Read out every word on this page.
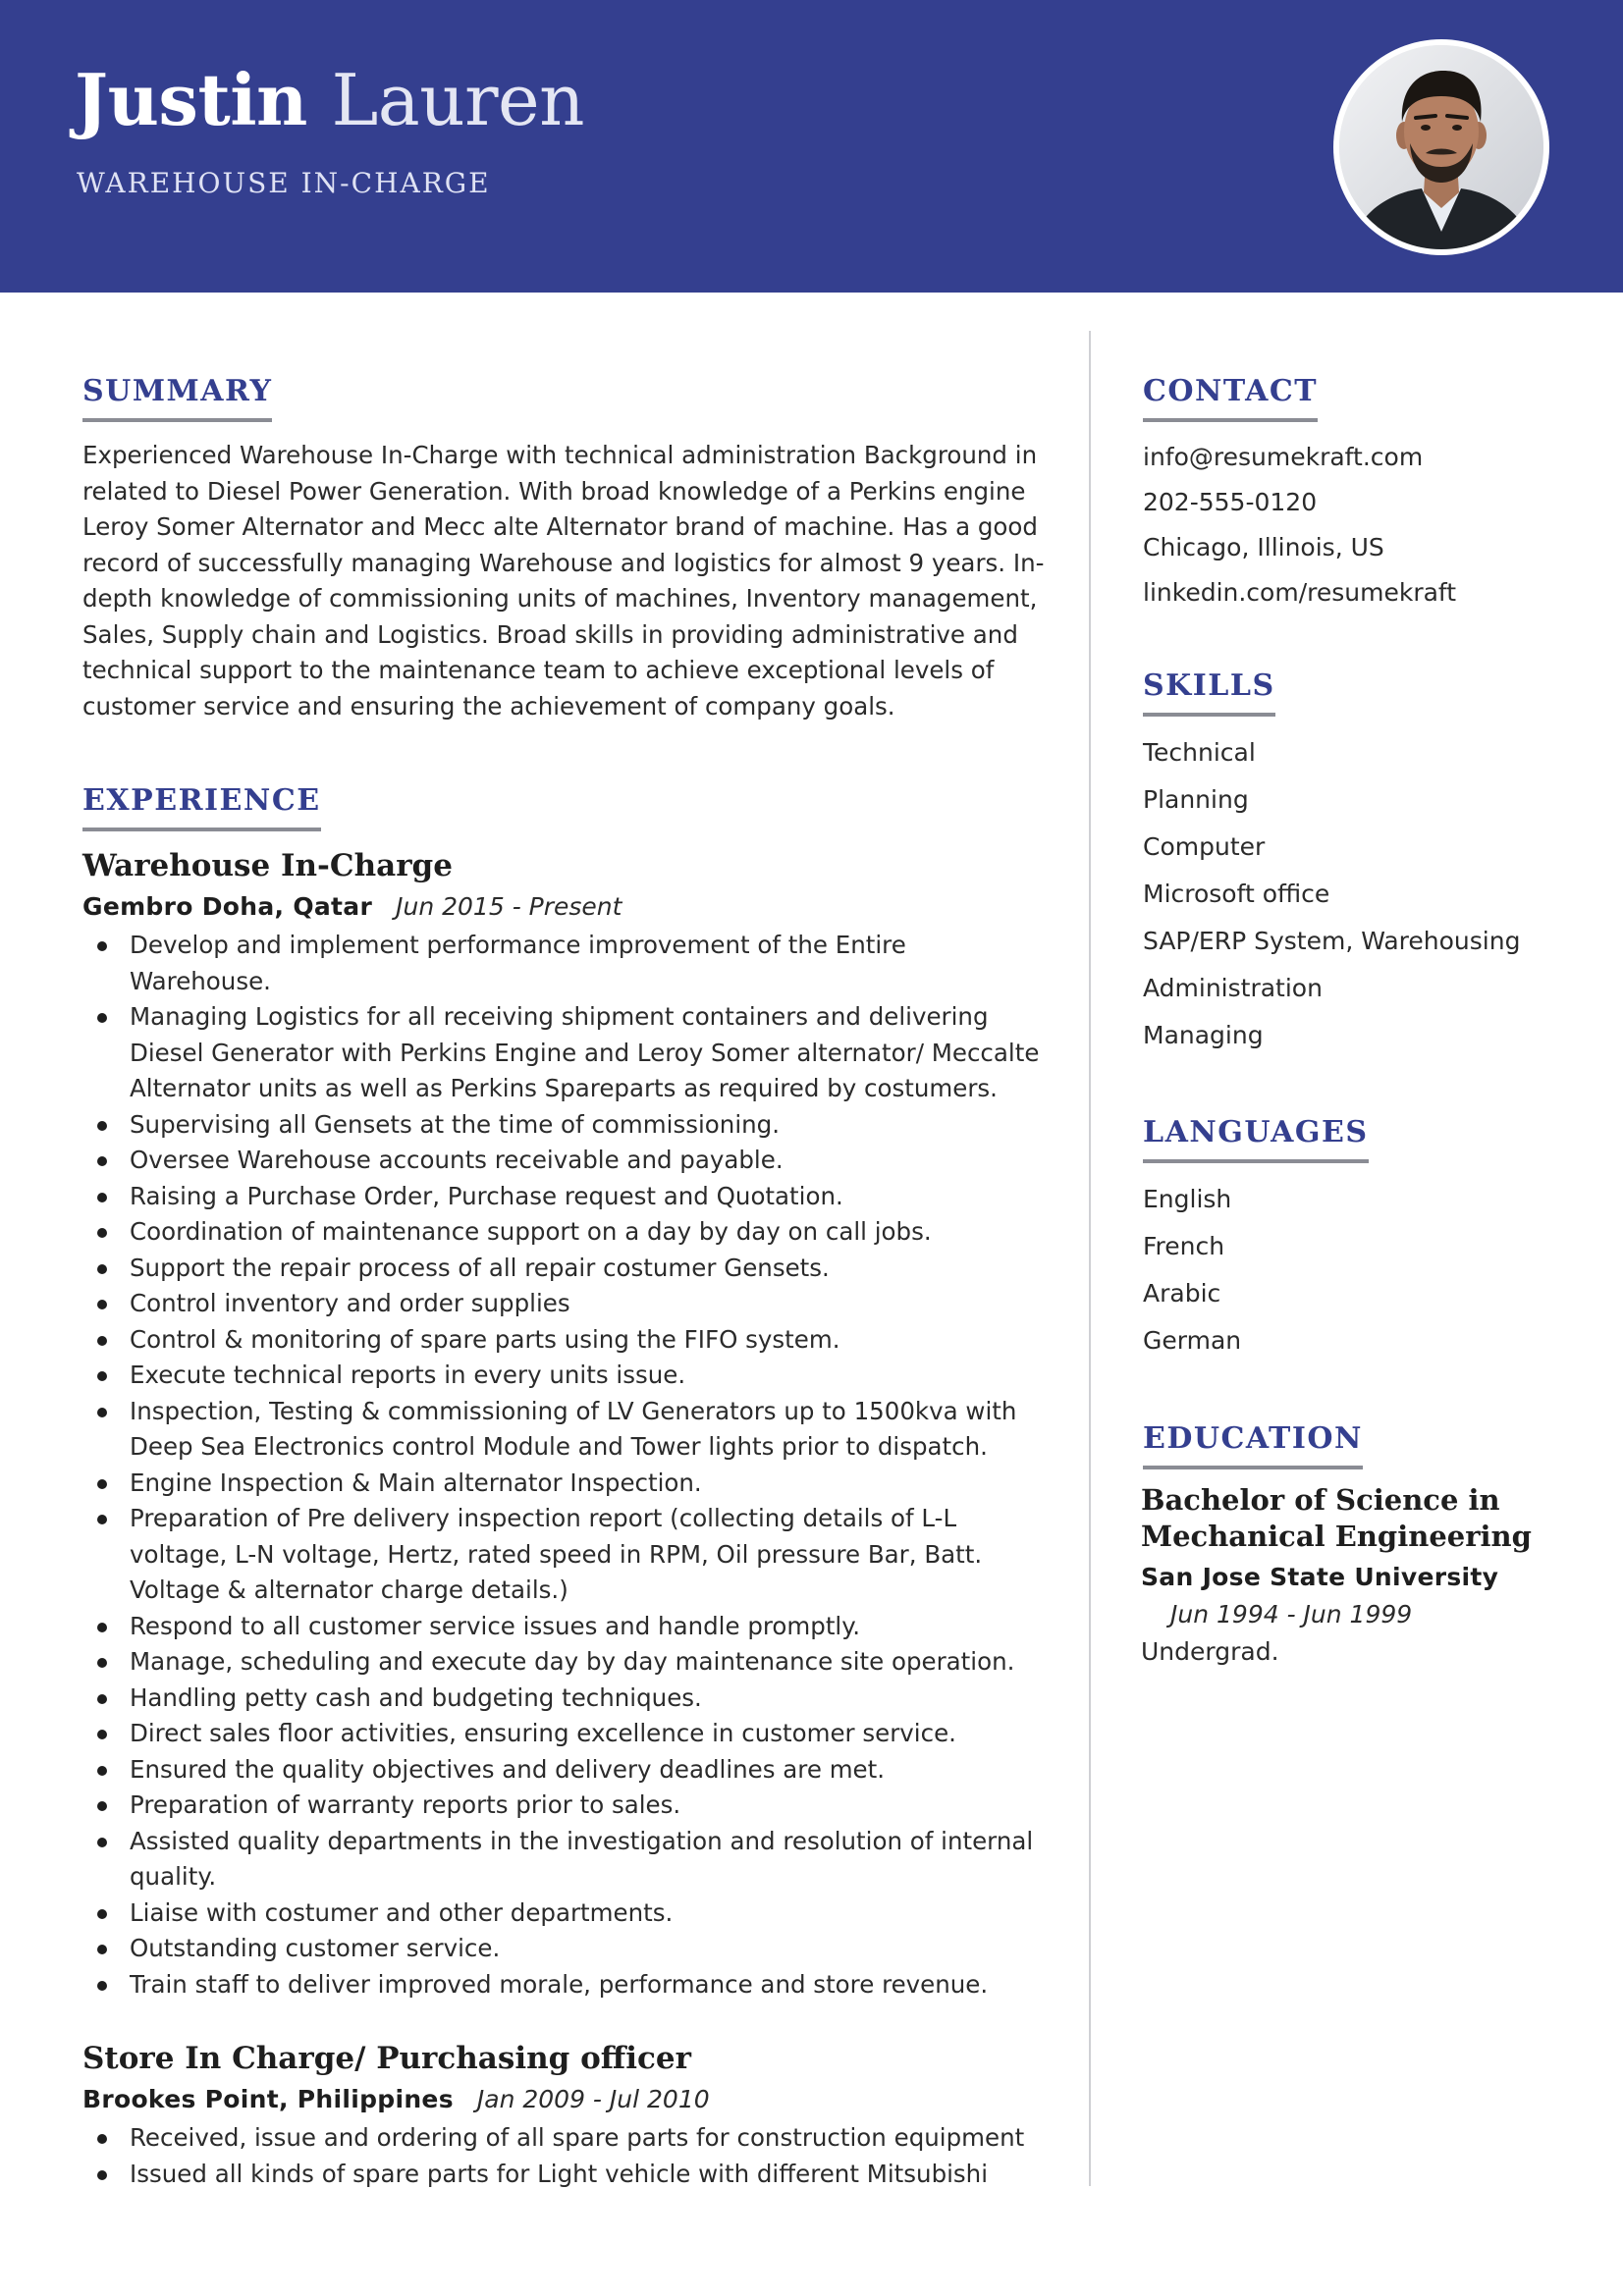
Justin Lauren

WAREHOUSE IN-CHARGE

SUMMARY

Experienced Warehouse In-Charge with technical administration Background in related to Diesel Power Generation. With broad knowledge of a Perkins engine Leroy Somer Alternator and Mecc alte Alternator brand of machine. Has a good record of successfully managing Warehouse and logistics for almost 9 years. In-depth knowledge of commissioning units of machines, Inventory management, Sales, Supply chain and Logistics. Broad skills in providing administrative and technical support to the maintenance team to achieve exceptional levels of customer service and ensuring the achievement of company goals.

EXPERIENCE
Warehouse In-Charge
Gembro Doha, Qatar Jun 2015 - Present
Develop and implement performance improvement of the Entire Warehouse.
Managing Logistics for all receiving shipment containers and delivering Diesel Generator with Perkins Engine and Leroy Somer alternator/ Meccalte Alternator units as well as Perkins Spareparts as required by costumers.
Supervising all Gensets at the time of commissioning.
Oversee Warehouse accounts receivable and payable.
Raising a Purchase Order, Purchase request and Quotation.
Coordination of maintenance support on a day by day on call jobs.
Support the repair process of all repair costumer Gensets.
Control inventory and order supplies
Control & monitoring of spare parts using the FIFO system.
Execute technical reports in every units issue.
Inspection, Testing & commissioning of LV Generators up to 1500kva with Deep Sea Electronics control Module and Tower lights prior to dispatch.
Engine Inspection & Main alternator Inspection.
Preparation of Pre delivery inspection report (collecting details of L-L voltage, L-N voltage, Hertz, rated speed in RPM, Oil pressure Bar, Batt. Voltage & alternator charge details.)
Respond to all customer service issues and handle promptly.
Manage, scheduling and execute day by day maintenance site operation.
Handling petty cash and budgeting techniques.
Direct sales floor activities, ensuring excellence in customer service.
Ensured the quality objectives and delivery deadlines are met.
Preparation of warranty reports prior to sales.
Assisted quality departments in the investigation and resolution of internal quality.
Liaise with costumer and other departments.
Outstanding customer service.
Train staff to deliver improved morale, performance and store revenue.
Store In Charge/ Purchasing officer
Brookes Point, Philippines Jan 2009 - Jul 2010
Received, issue and ordering of all spare parts for construction equipment
Issued all kinds of spare parts for Light vehicle with different Mitsubishi
CONTACT
info@resumekraft.com
202-555-0120
Chicago, Illinois, US
linkedin.com/resumekraft
SKILLS
Technical
Planning
Computer
Microsoft office
SAP/ERP System, Warehousing
Administration
Managing
LANGUAGES
English
French
Arabic
German
EDUCATION

Bachelor of Science in Mechanical Engineering

San Jose State University

Jun 1994 - Jun 1999

Undergrad.
